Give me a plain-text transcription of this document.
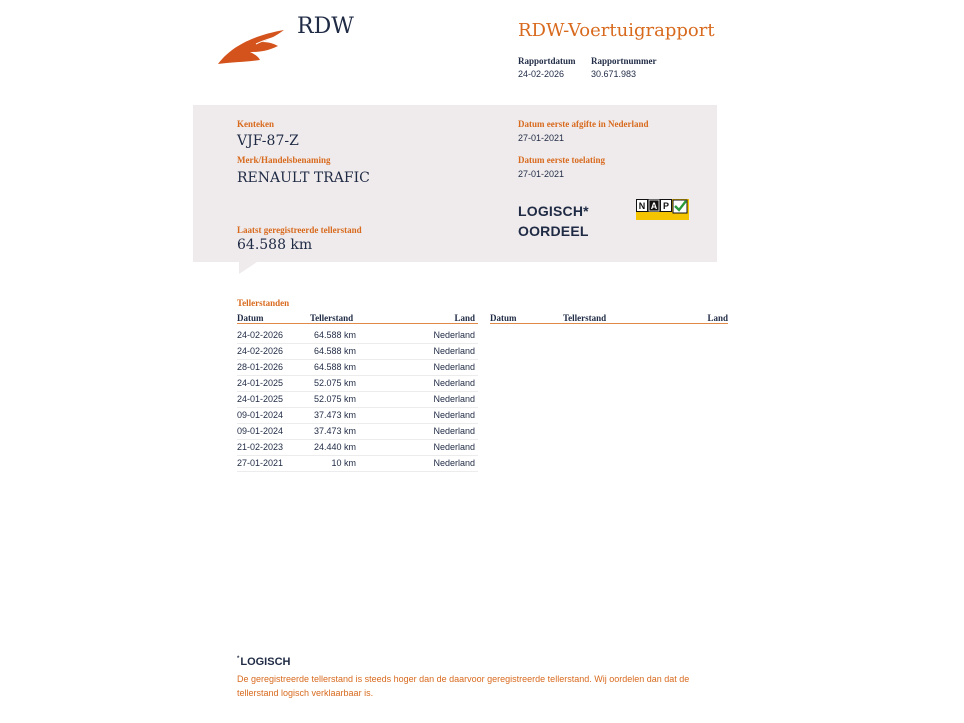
RDW	RDW-Voertuigrapport
Rapportdatum Rapportnummer
24-02-2026	30.671.983
Kenteken
VJF-87-Z
Merk/Handelsbenaming
RENAULT TRAFIC
Laatst geregistreerde tellerstand
64.588 km
Datum eerste afgifte in Nederland
27-01-2021
Datum eerste toelating
27-01-2021
LOGISCH*
OORDEEL
N A P
Tellerstanden
Datum	Tellerstand	Land Datum	Tellerstand	Land
24-02-2026	64.588 km	Nederland
24-02-2026	64.588 km	Nederland
28-01-2026	64.588 km	Nederland
24-01-2025	52.075 km	Nederland
24-01-2025	52.075 km	Nederland
09-01-2024	37.473 km	Nederland
09-01-2024	37.473 km	Nederland
21-02-2023	24.440 km	Nederland
27-01-2021	10 km	Nederland
*LOGISCH
De geregistreerde tellerstand is steeds hoger dan de daarvoor geregistreerde tellerstand. Wij oordelen dan dat de tellerstand logisch verklaarbaar is.
